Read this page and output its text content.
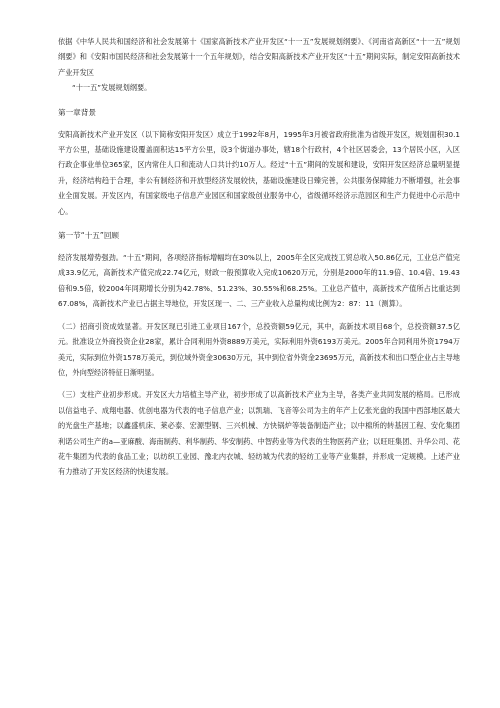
依据《中华人民共和国经济和社会发展第十《国家高新技术产业开发区“十一五”发展规划纲要》、《河南省高新区“十一五”规划纲要》和《安阳市国民经济和社会发展第十一个五年规划》，结合安阳高新技术产业开发区“十五”期间实际，制定安阳高新技术产业开发区

“十一五”发展规划纲要。

第一章背景

安阳高新技术产业开发区（以下简称安阳开发区）成立于1992年8月，1995年3月被省政府批准为省级开发区，规划面积30.1平方公里，基础设施建设覆盖面积达15平方公里，设3个街道办事处，辖18个行政村，4个社区居委会，13个居民小区，入区行政企事业单位365家，区内常住人口和流动人口共计约10万人。经过“十五”期间的发展和建设，安阳开发区经济总量明显提升，经济结构趋于合理，非公有制经济和开放型经济发展较快，基础设施建设日臻完善，公共服务保障能力不断增强，社会事业全面发展。开发区内，有国家级电子信息产业园区和国家级创业服务中心，省级循环经济示范园区和生产力促进中心示范中心。

第一节“十五”回顾

经济发展增势强劲。“十五”期间，各项经济指标增幅均在30%以上，2005年全区完成技工贸总收入50.86亿元，工业总产值完成33.9亿元，高新技术产值完成22.74亿元，财政一般预算收入完成10620万元，分别是2000年的11.9倍、10.4倍、19.43倍和9.5倍，较2004年同期增长分别为42.78%、51.23%、30.55%和68.25%。工业总产值中，高新技术产值所占比重达到67.08%，高新技术产业已占据主导地位，开发区现一、二、三产业收入总量构成比例为2：87：11（测算）。

（二）招商引资成效显著。开发区现已引进工业项目167个，总投资额59亿元，其中，高新技术项目68个，总投资额37.5亿元。批准设立外商投资企业28家，累计合同利用外资8889万美元，实际利用外资6193万美元。2005年合同利用外资1794万美元，实际到位外资1578万美元，到位域外资金30630万元，其中到位省外资金23695万元，高新技术和出口型企业占主导地位，外向型经济特征日渐明显。

（三）支柱产业初步形成。开发区大力培植主导产业，初步形成了以高新技术产业为主导，各类产业共同发展的格局。已形成以信益电子、成翔电器、优创电器为代表的电子信息产业；以凯瑞、飞音等公司为主的年产上亿张光盘的我国中西部地区最大的光盘生产基地；以鑫盛机床、莱必泰、宏源型钢、三兴机械、方快锅炉等装备制造产业；以中棉所的转基因工程、安化集团利诺公司生产的a—亚麻酸、海南制药、利华制药、华安制药、中智药业等为代表的生物医药产业；以旺旺集团、升华公司、花花牛集团为代表的食品工业；以纺织工业园、豫北内衣城、轻纺城为代表的轻纺工业等产业集群，并形成一定规模。上述产业有力推动了开发区经济的快速发展。
